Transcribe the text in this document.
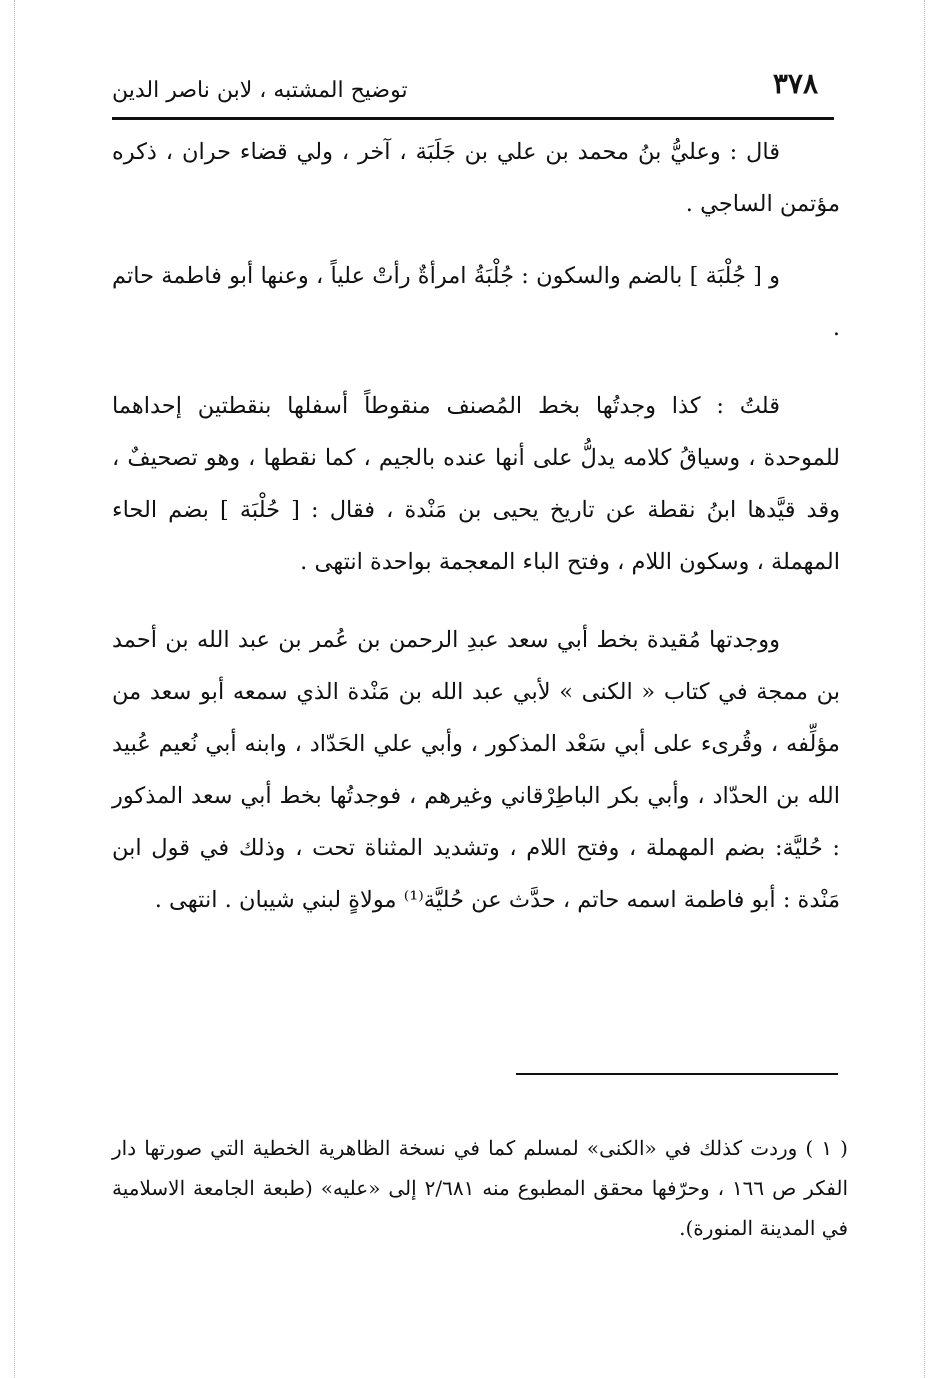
٣٧٨
توضيح المشتبه ، لابن ناصر الدين

قال : وعليُّ بنُ محمد بن علي بن جَلَبَة ، آخر ، ولي قضاء حران ، ذكره مؤتمن الساجي .

و [ جُلْبَة ] بالضم والسكون : جُلْبَةُ امرأةٌ رأتْ علياً ، وعنها أبو فاطمة حاتم .

قلتُ : كذا وجدتُها بخط المُصنف منقوطاً أسفلها بنقطتين إحداهما للموحدة ، وسياقُ كلامه يدلُّ على أنها عنده بالجيم ، كما نقطها ، وهو تصحيفٌ ، وقد قيَّدها ابنُ نقطة عن تاريخ يحيى بن مَنْدة ، فقال : [ حُلْبَة ] بضم الحاء المهملة ، وسكون اللام ، وفتح الباء المعجمة بواحدة انتهى .

ووجدتها مُقيدة بخط أبي سعد عبدِ الرحمن بن عُمر بن عبد الله بن أحمد بن ممجة في كتاب « الكنى » لأبي عبد الله بن مَنْدة الذي سمعه أبو سعد من مؤلِّفه ، وقُرىء على أبي سَعْد المذكور ، وأبي علي الحَدّاد ، وابنه أبي نُعيم عُبيد الله بن الحدّاد ، وأبي بكر الباطِرْقاني وغيرهم ، فوجدتُها بخط أبي سعد المذكور : حُليَّة: بضم المهملة ، وفتح اللام ، وتشديد المثناة تحت ، وذلك في قول ابن مَنْدة : أبو فاطمة اسمه حاتم ، حدَّث عن حُليَّة⁽¹⁾ مولاةٍ لبني شيبان . انتهى .

( ١ ) وردت كذلك في «الكنى» لمسلم كما في نسخة الظاهرية الخطية التي صورتها دار الفكر ص ١٦٦ ، وحرّفها محقق المطبوع منه ٢/٦٨١ إلى «عليه» (طبعة الجامعة الاسلامية في المدينة المنورة).
